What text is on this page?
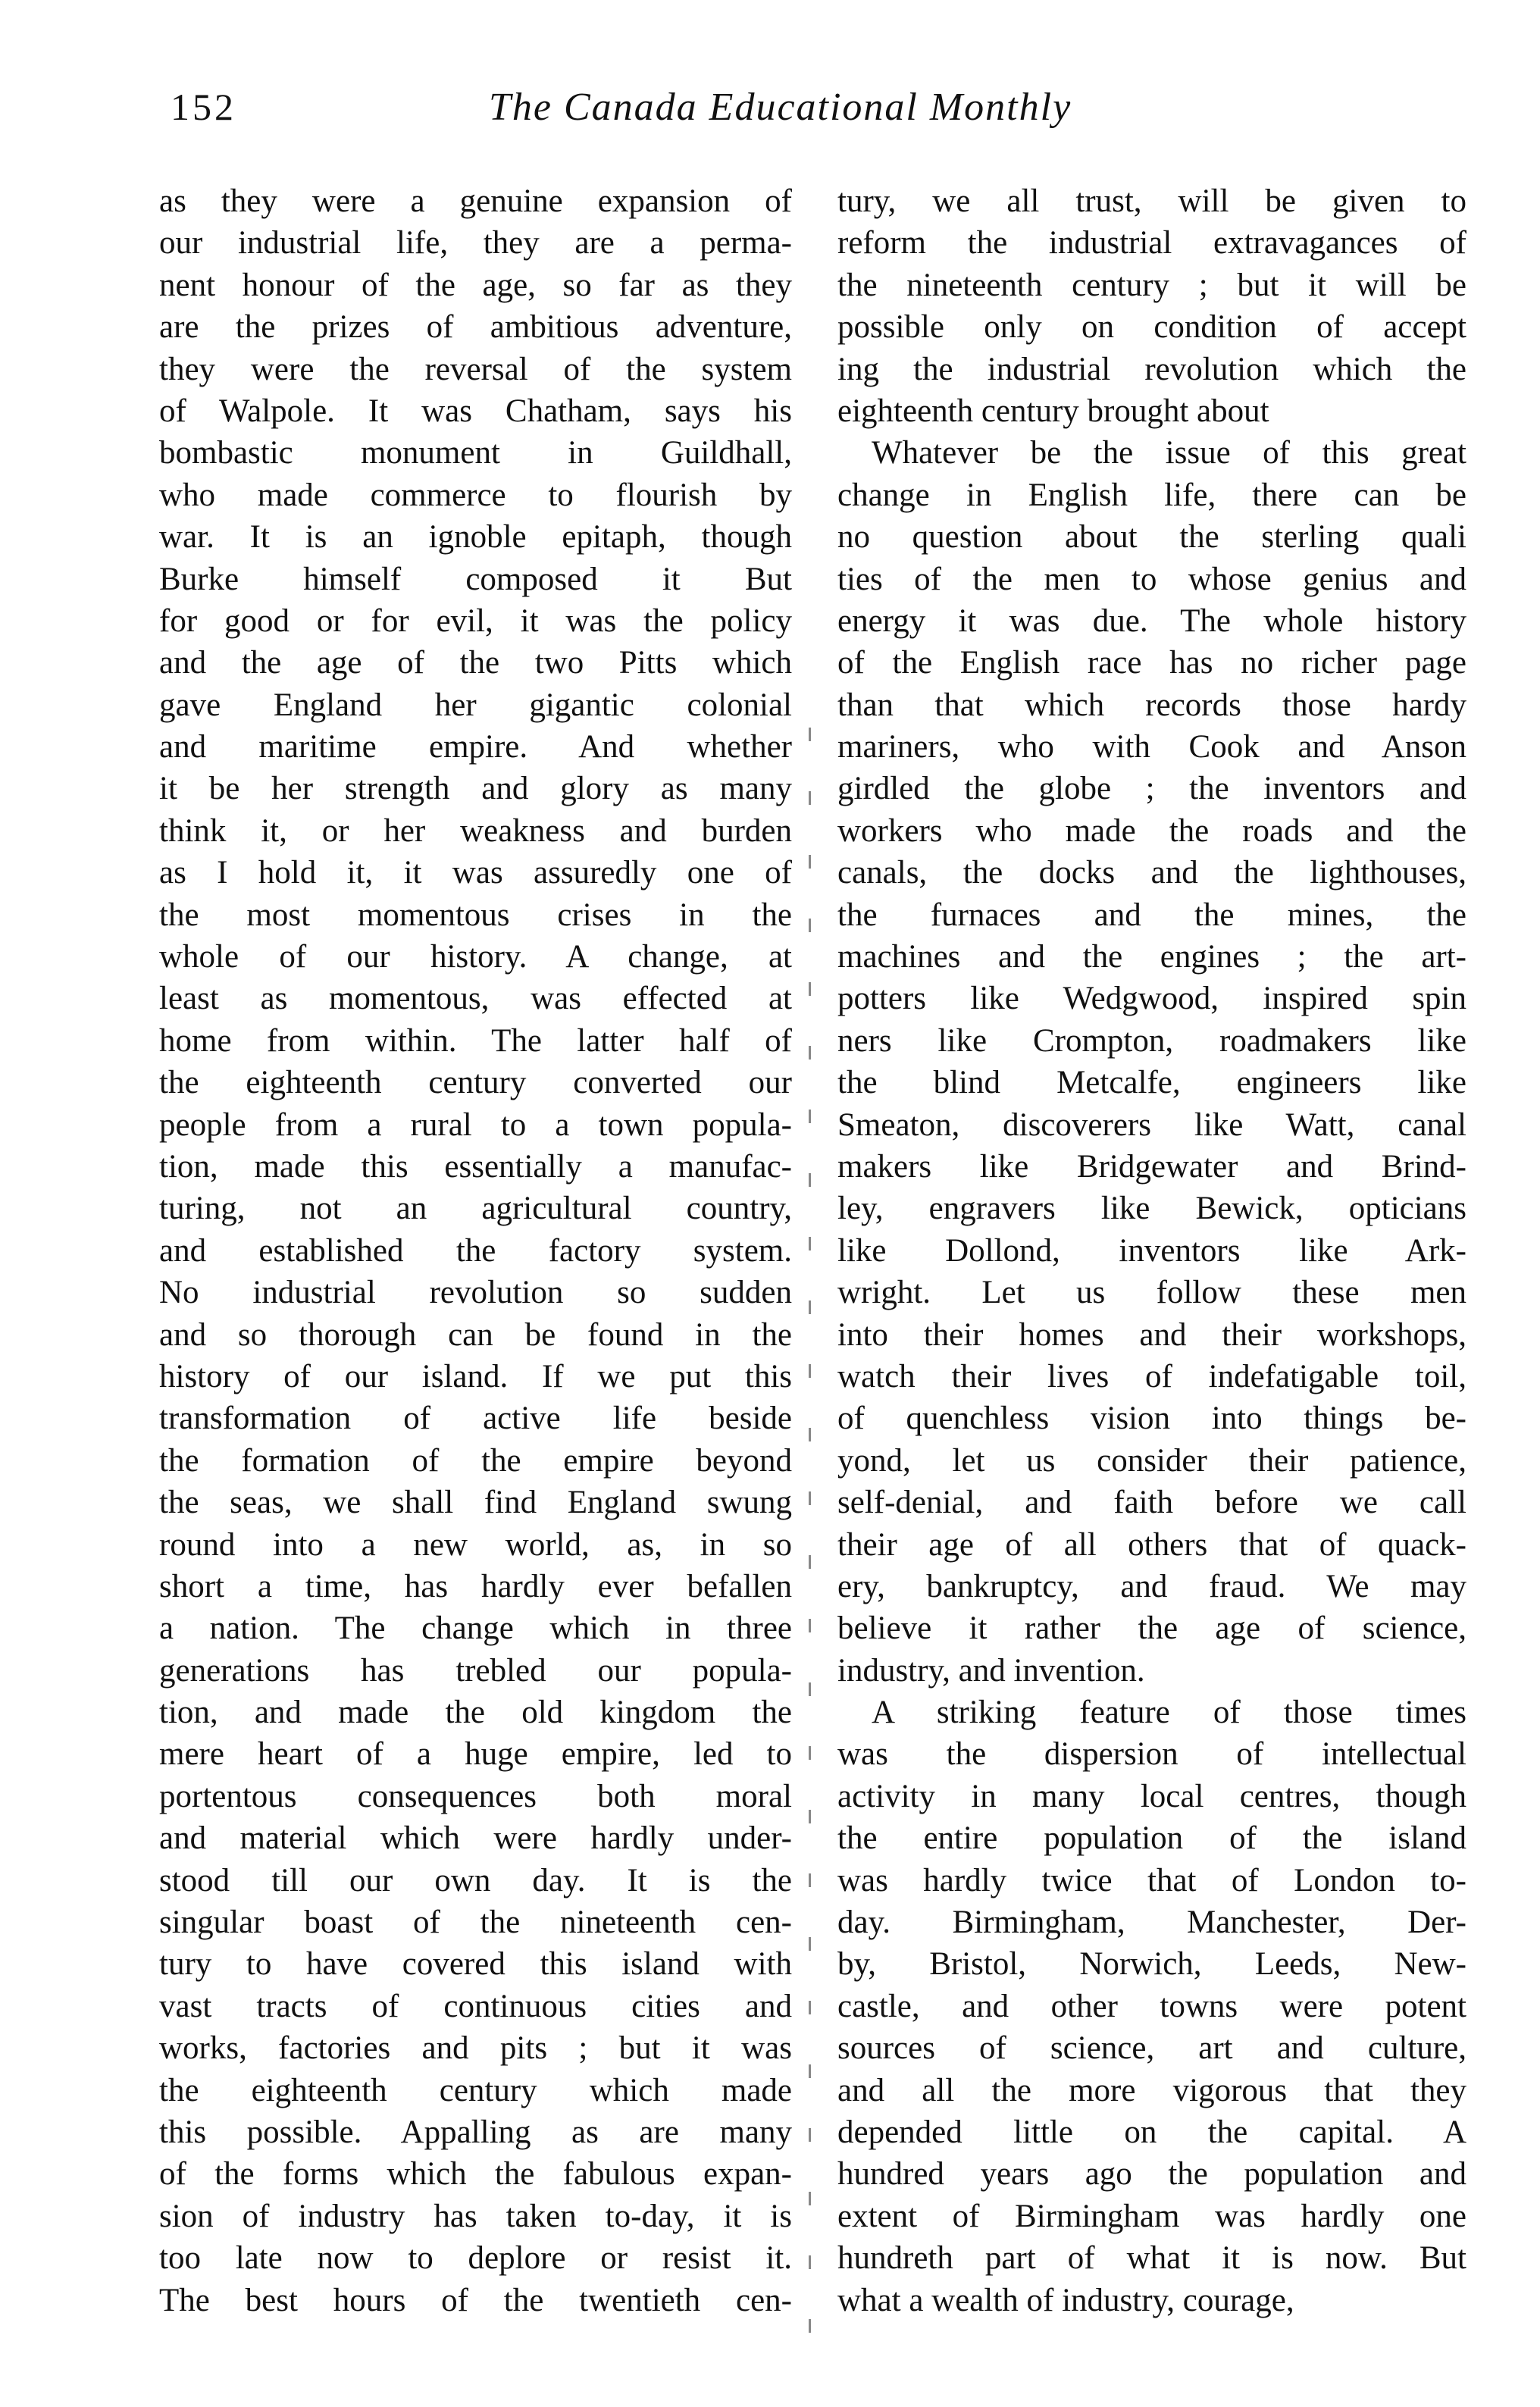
152	The Canada Educational Monthly
as they were a genuine expansion of
our industrial life, they are a perma-
nent honour of the age, so far as they
are the prizes of ambitious adventure,
they were the reversal of the system
of Walpole. It was Chatham, says his
bombastic monument in Guildhall,
who made commerce to flourish by
war. It is an ignoble epitaph, though
Burke himself composed it But
for good or for evil, it was the policy
and the age of the two Pitts which
gave England her gigantic colonial
and maritime empire. And whether
it be her strength and glory as many
think it, or her weakness and burden
as I hold it, it was assuredly one of
the most momentous crises in the
whole of our history. A change, at
least as momentous, was effected at
home from within. The latter half of
the eighteenth century converted our
people from a rural to a town popula-
tion, made this essentially a manufac-
turing, not an agricultural country,
and established the factory system.
No industrial revolution so sudden
and so thorough can be found in the
history of our island. If we put this
transformation of active life beside
the formation of the empire beyond
the seas, we shall find England swung
round into a new world, as, in so
short a time, has hardly ever befallen
a nation. The change which in three
generations has trebled our popula-
tion, and made the old kingdom the
mere heart of a huge empire, led to
portentous consequences both moral
and material which were hardly under-
stood till our own day. It is the
singular boast of the nineteenth cen-
tury to have covered this island with
vast tracts of continuous cities and
works, factories and pits ; but it was
the eighteenth century which made
this possible. Appalling as are many
of the forms which the fabulous expan-
sion of industry has taken to-day, it is
too late now to deplore or resist it.
The best hours of the twentieth cen-
tury, we all trust, will be given to
reform the industrial extravagances of
the nineteenth century ; but it will be
possible only on condition of accept
ing the industrial revolution which the
eighteenth century brought about
Whatever be the issue of this great
change in English life, there can be
no question about the sterling quali
ties of the men to whose genius and
energy it was due. The whole history
of the English race has no richer page
than that which records those hardy
mariners, who with Cook and Anson
girdled the globe ; the inventors and
workers who made the roads and the
canals, the docks and the lighthouses,
the furnaces and the mines, the
machines and the engines ; the art-
potters like Wedgwood, inspired spin
ners like Crompton, roadmakers like
the blind Metcalfe, engineers like
Smeaton, discoverers like Watt, canal
makers like Bridgewater and Brind-
ley, engravers like Bewick, opticians
like Dollond, inventors like Ark-
wright. Let us follow these men
into their homes and their workshops,
watch their lives of indefatigable toil,
of quenchless vision into things be-
yond, let us consider their patience,
self-denial, and faith before we call
their age of all others that of quack-
ery, bankruptcy, and fraud. We may
believe it rather the age of science,
industry, and invention.
A striking feature of those times
was the dispersion of intellectual
activity in many local centres, though
the entire population of the island
was hardly twice that of London to-
day. Birmingham, Manchester, Der-
by, Bristol, Norwich, Leeds, New-
castle, and other towns were potent
sources of science, art and culture,
and all the more vigorous that they
depended little on the capital. A
hundred years ago the population and
extent of Birmingham was hardly one
hundreth part of what it is now. But
what a wealth of industry, courage,
